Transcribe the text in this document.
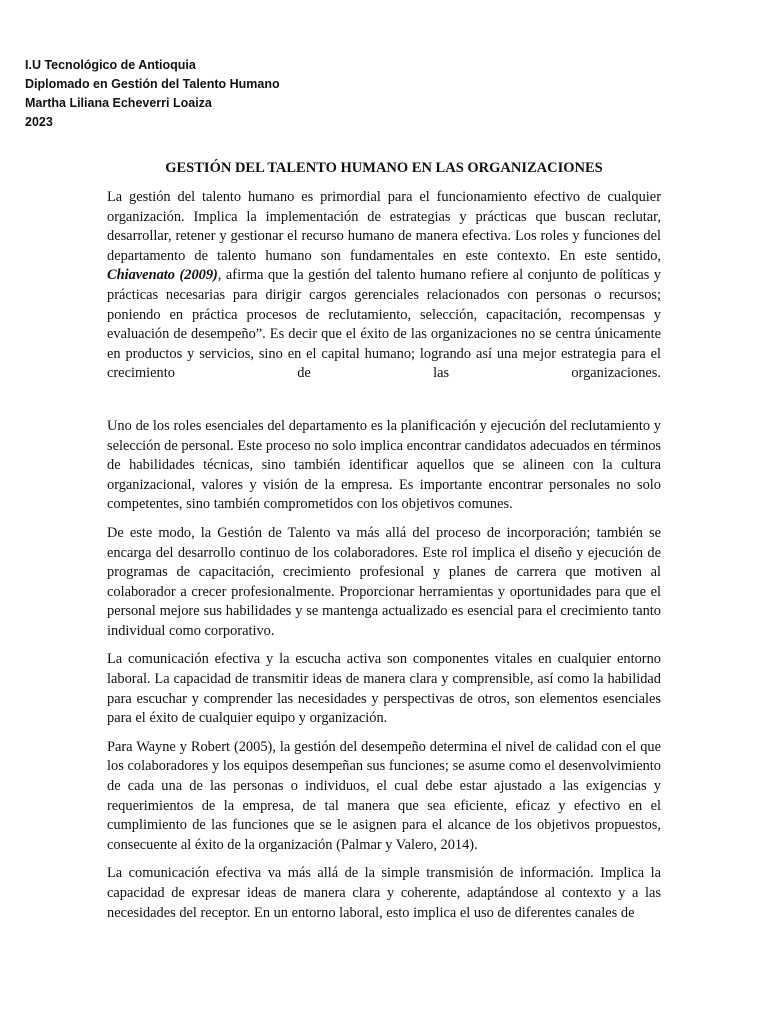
I.U Tecnológico de Antioquia
Diplomado en Gestión del Talento Humano
Martha Liliana Echeverri Loaiza
2023
GESTIÓN DEL TALENTO HUMANO EN LAS ORGANIZACIONES

La gestión del talento humano es primordial para el funcionamiento efectivo de cualquier organización. Implica la implementación de estrategias y prácticas que buscan reclutar, desarrollar, retener y gestionar el recurso humano de manera efectiva. Los roles y funciones del departamento de talento humano son fundamentales en este contexto. En este sentido, Chiavenato (2009), afirma que la gestión del talento humano refiere al conjunto de políticas y prácticas necesarias para dirigir cargos gerenciales relacionados con personas o recursos; poniendo en práctica procesos de reclutamiento, selección, capacitación, recompensas y evaluación de desempeño”. Es decir que el éxito de las organizaciones no se centra únicamente en productos y servicios, sino en el capital humano; logrando así una mejor estrategia para el crecimiento de las organizaciones.

Uno de los roles esenciales del departamento es la planificación y ejecución del reclutamiento y selección de personal. Este proceso no solo implica encontrar candidatos adecuados en términos de habilidades técnicas, sino también identificar aquellos que se alineen con la cultura organizacional, valores y visión de la empresa. Es importante encontrar personales no solo competentes, sino también comprometidos con los objetivos comunes.

De este modo, la Gestión de Talento va más allá del proceso de incorporación; también se encarga del desarrollo continuo de los colaboradores. Este rol implica el diseño y ejecución de programas de capacitación, crecimiento profesional y planes de carrera que motiven al colaborador a crecer profesionalmente. Proporcionar herramientas y oportunidades para que el personal mejore sus habilidades y se mantenga actualizado es esencial para el crecimiento tanto individual como corporativo.

La comunicación efectiva y la escucha activa son componentes vitales en cualquier entorno laboral. La capacidad de transmitir ideas de manera clara y comprensible, así como la habilidad para escuchar y comprender las necesidades y perspectivas de otros, son elementos esenciales para el éxito de cualquier equipo y organización.

Para Wayne y Robert (2005), la gestión del desempeño determina el nivel de calidad con el que los colaboradores y los equipos desempeñan sus funciones; se asume como el desenvolvimiento de cada una de las personas o individuos, el cual debe estar ajustado a las exigencias y requerimientos de la empresa, de tal manera que sea eficiente, eficaz y efectivo en el cumplimiento de las funciones que se le asignen para el alcance de los objetivos propuestos, consecuente al éxito de la organización (Palmar y Valero, 2014).

La comunicación efectiva va más allá de la simple transmisión de información. Implica la capacidad de expresar ideas de manera clara y coherente, adaptándose al contexto y a las necesidades del receptor. En un entorno laboral, esto implica el uso de diferentes canales de
